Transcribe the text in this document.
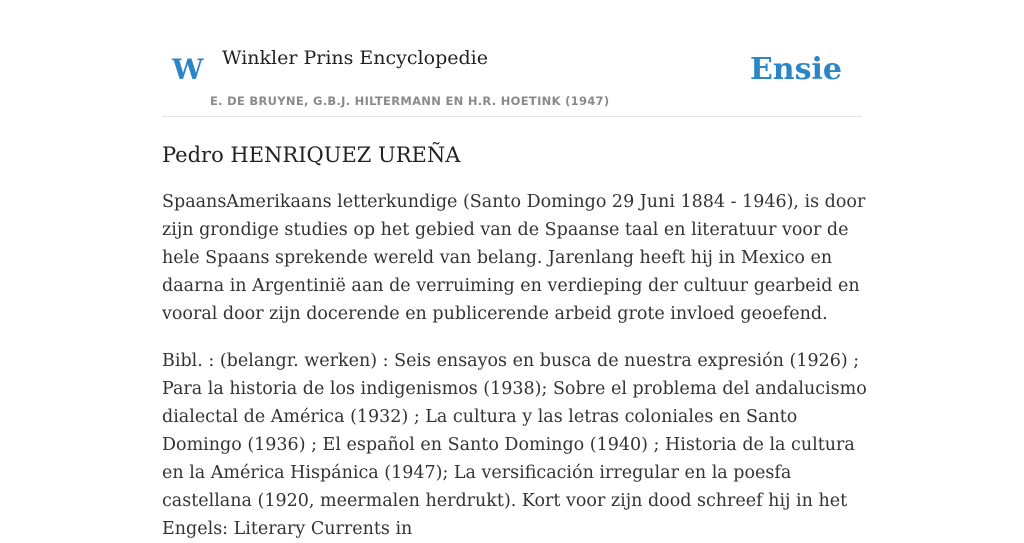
W Winkler Prins Encyclopedie
E. DE BRUYNE, G.B.J. HILTERMANN EN H.R. HOETINK (1947)
Ensie
Pedro HENRIQUEZ UREÑA

SpaansAmerikaans letterkundige (Santo Domingo 29 Juni 1884 - 1946), is door zijn grondige studies op het gebied van de Spaanse taal en literatuur voor de hele Spaans sprekende wereld van belang. Jarenlang heeft hij in Mexico en daarna in Argentinië aan de verruiming en verdieping der cultuur gearbeid en vooral door zijn docerende en publicerende arbeid grote invloed geoefend.

Bibl. : (belangr. werken) : Seis ensayos en busca de nuestra expresión (1926) ; Para la historia de los indigenismos (1938); Sobre el problema del andalucismo dialectal de América (1932) ; La cultura y las letras coloniales en Santo Domingo (1936) ; El español en Santo Domingo (1940) ; Historia de la cultura en la América Hispánica (1947); La versificación irregular en la poesfa castellana (1920, meermalen herdrukt). Kort voor zijn dood schreef hij in het Engels: Literary Currents in
